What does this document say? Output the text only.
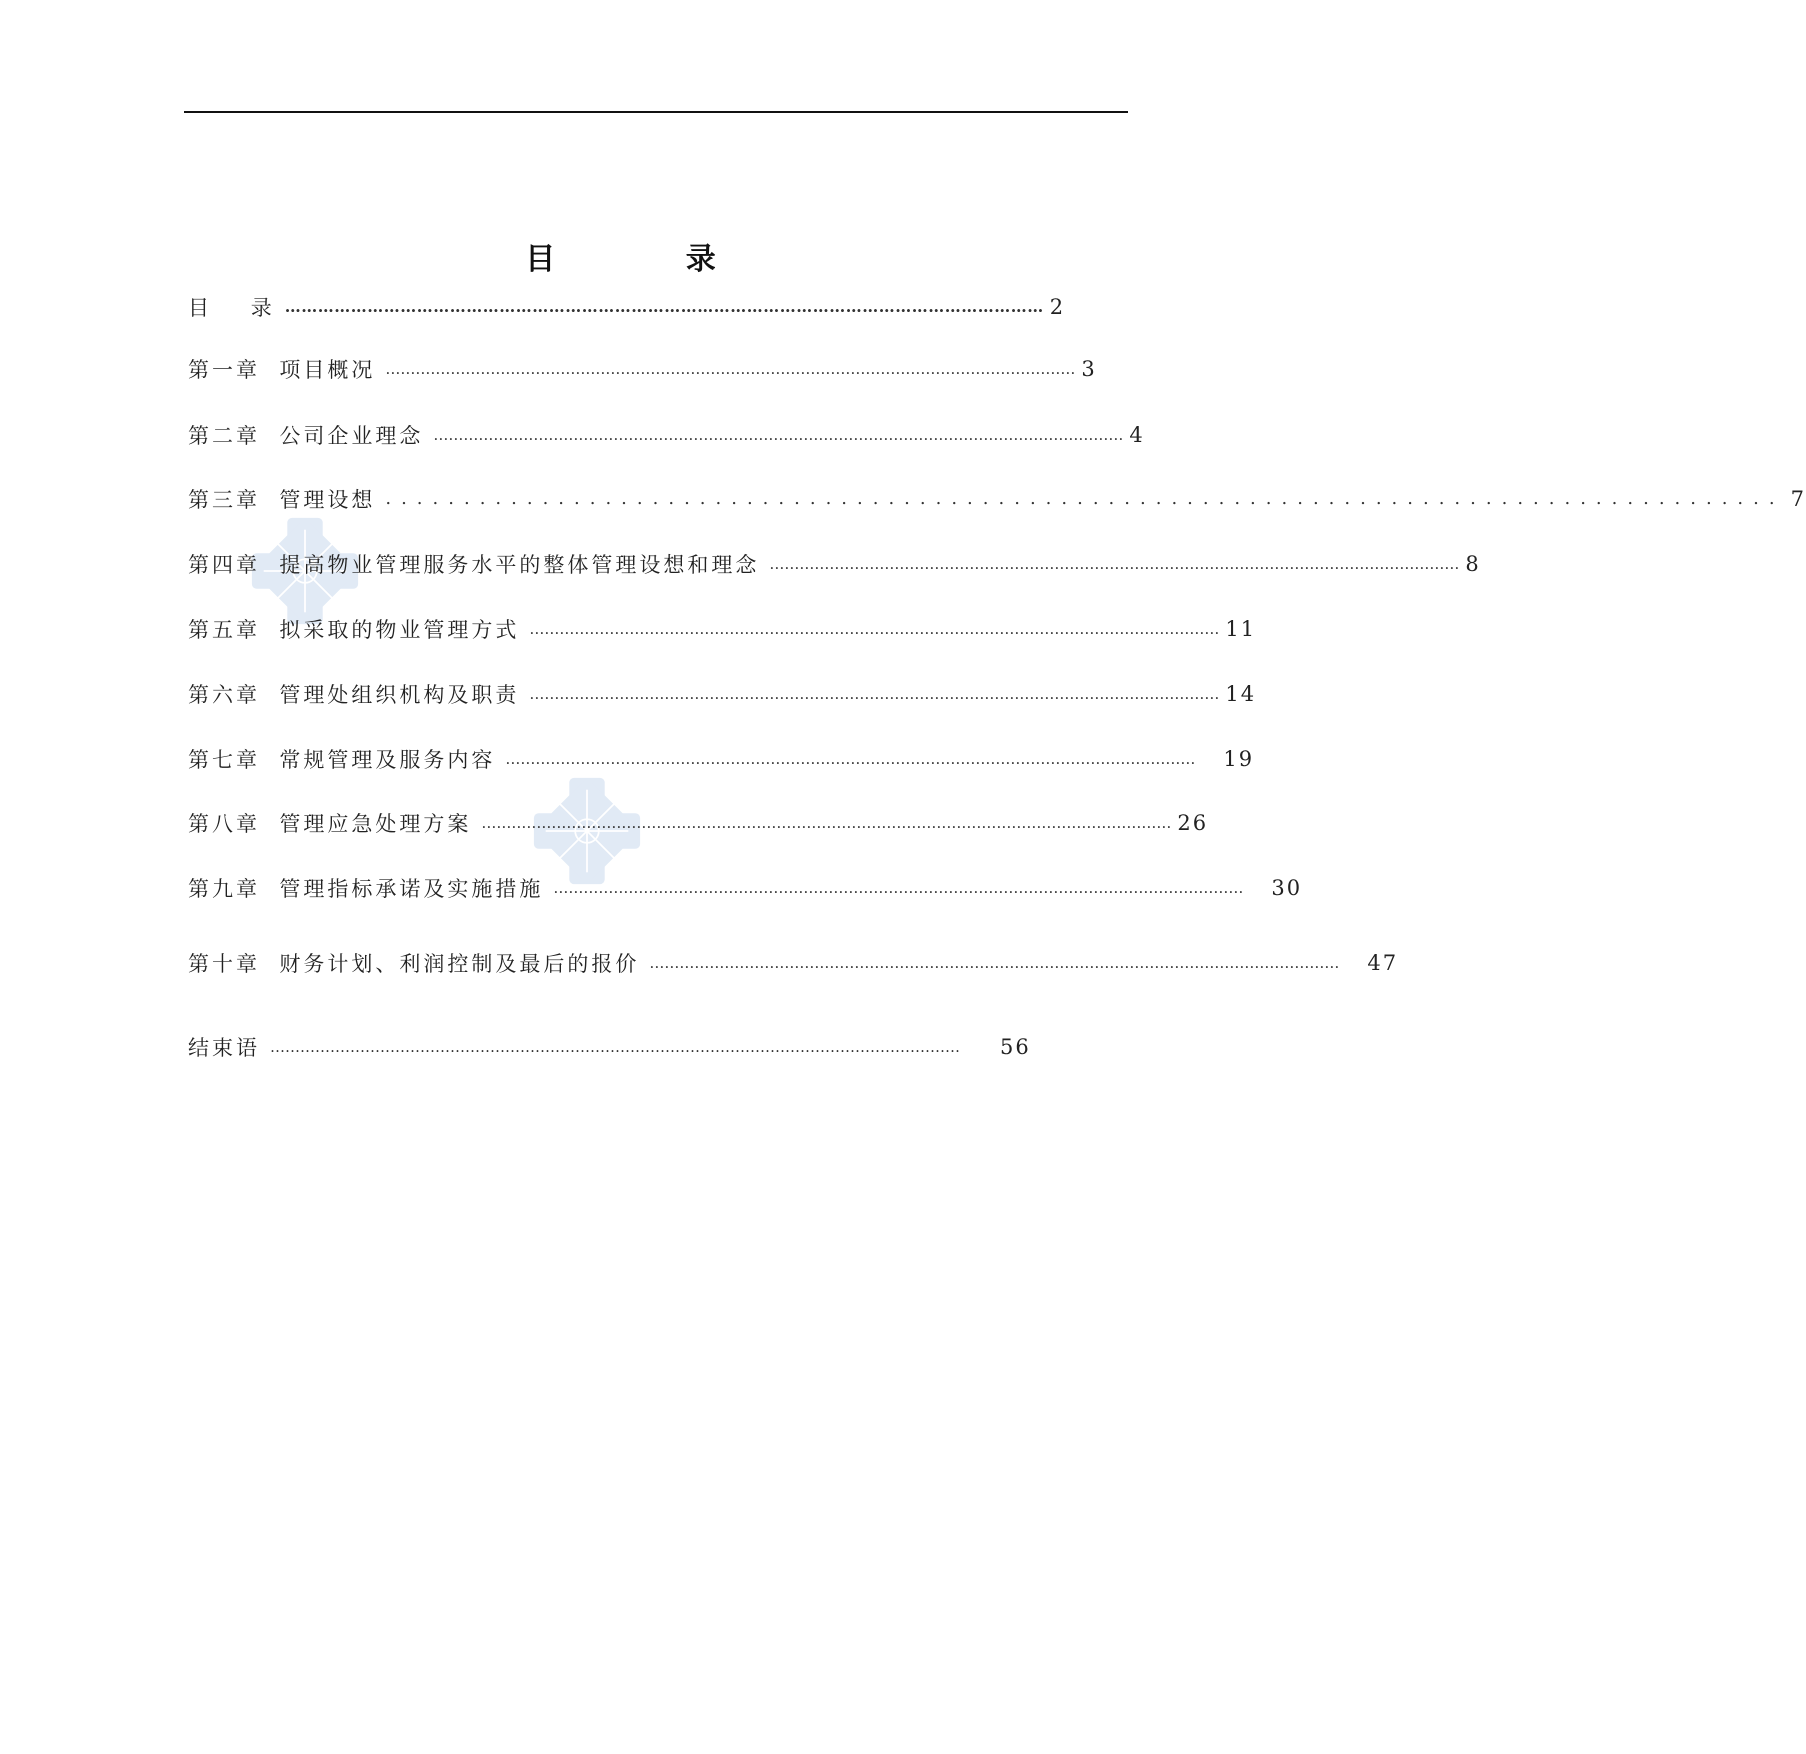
目 录
目    录 ………………………………………………………………………………………………………………………… 2
第一章  项目概况 ………………………………………………………………………………………………………………………… 3
第二章  公司企业理念 ………………………………………………………………………………………………………………………… 4
第三章  管理设想 ......................................................................................... 7
第四章  提高物业管理服务水平的整体管理设想和理念 ………………………………………………………………………………………………………………………… 8
第五章  拟采取的物业管理方式 ………………………………………………………………………………………………………………………… 11
第六章  管理处组织机构及职责 ………………………………………………………………………………………………………………………… 14
第七章  常规管理及服务内容 ………………………………………………………………………………………………………………………… 19
第八章  管理应急处理方案 ………………………………………………………………………………………………………………………… 26
第九章  管理指标承诺及实施措施 ………………………………………………………………………………………………………………………… 30
第十章  财务计划、利润控制及最后的报价 ………………………………………………………………………………………………………………………… 47
结束语 ………………………………………………………………………………………………………………………… 56
